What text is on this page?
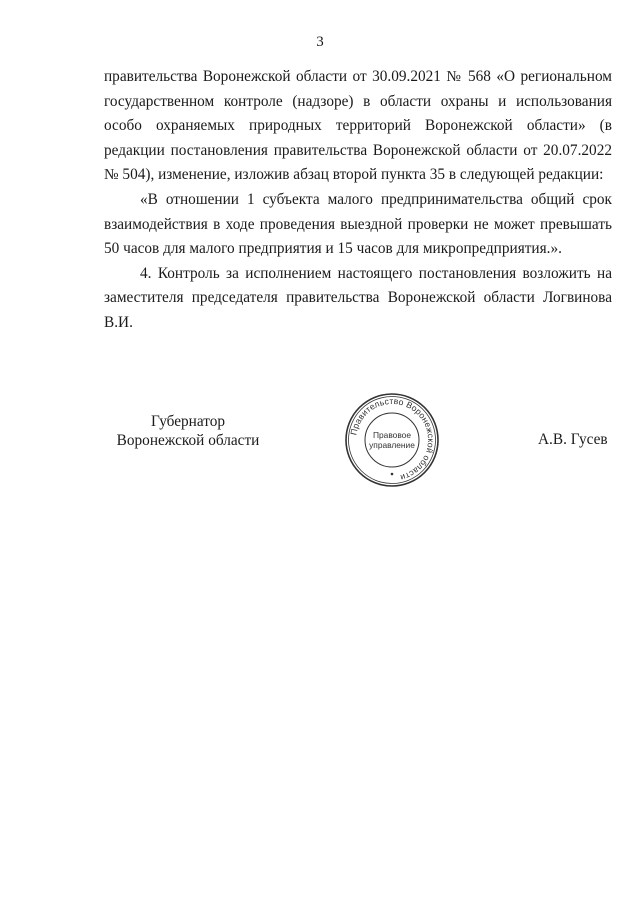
3

правительства Воронежской области от 30.09.2021 № 568 «О региональном государственном контроле (надзоре) в области охраны и использования особо охраняемых природных территорий Воронежской области» (в редакции постановления правительства Воронежской области от 20.07.2022 № 504), изменение, изложив абзац второй пункта 35 в следующей редакции:

«В отношении 1 субъекта малого предпринимательства общий срок взаимодействия в ходе проведения выездной проверки не может превышать 50 часов для малого предприятия и 15 часов для микропредприятия.».

4. Контроль за исполнением настоящего постановления возложить на заместителя председателя правительства Воронежской области Логвинова В.И.

Губернатор
Воронежской области
Правительство Воронежской области
Правовое
управление	А.В. Гусев
